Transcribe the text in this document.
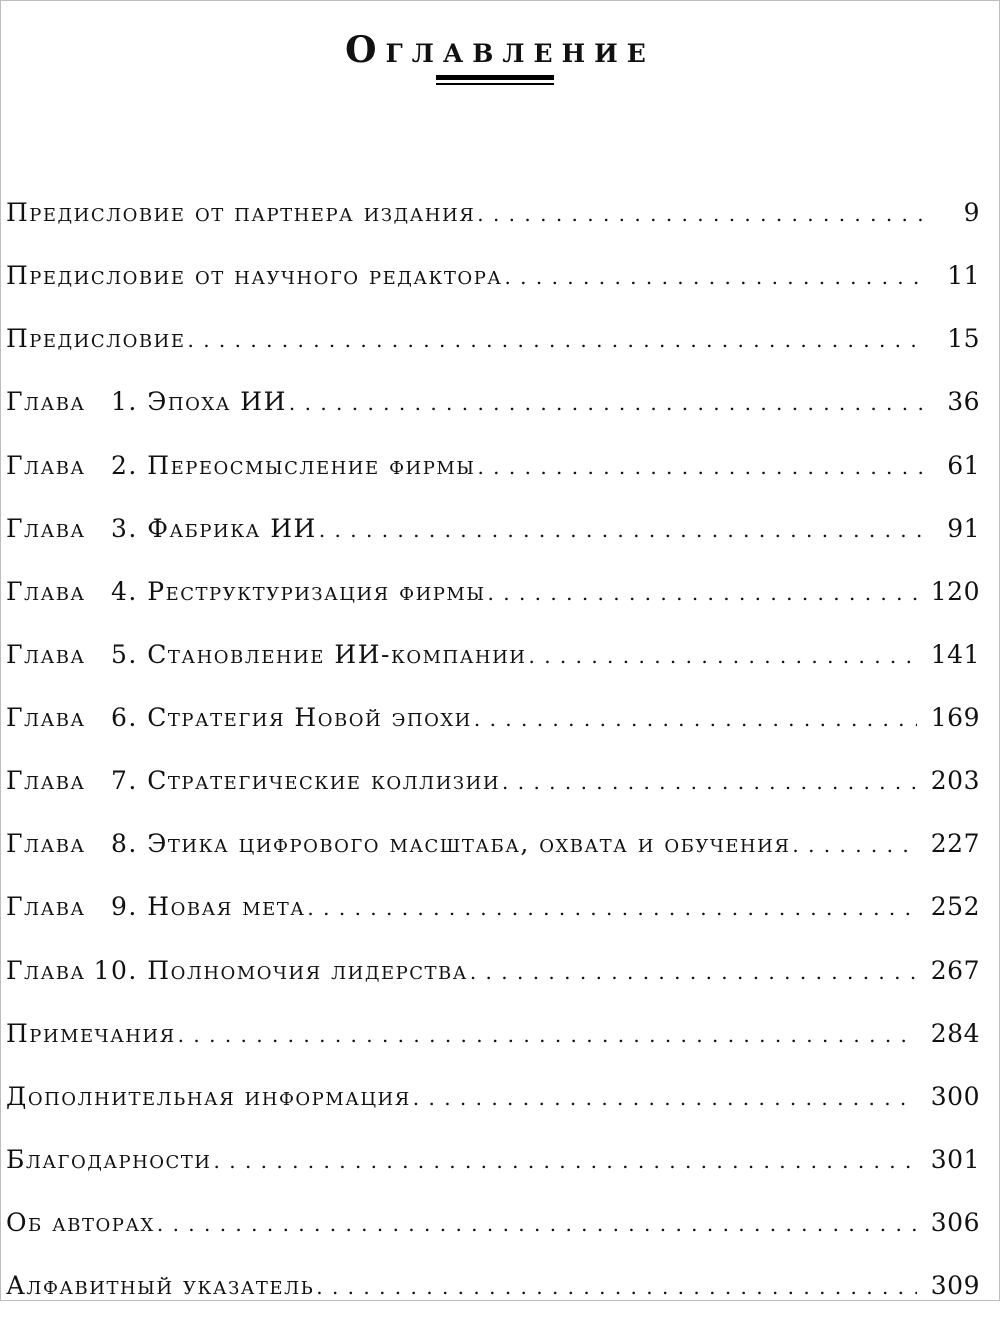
Оглавление
Предисловие от партнера издания . . .	9
Предисловие от научного редактора . . .	11
Предисловие . . .	15
Глава	1. Эпоха ИИ . . .	36
Глава	2. Переосмысление фирмы . . .	61
Глава	3. Фабрика ИИ . . .	91
Глава	4. Реструктуризация фирмы . . .	120
Глава	5. Становление ИИ-компании . . .	141
Глава	6. Стратегия Новой эпохи . . .	169
Глава	7. Стратегические коллизии . . .	203
Глава	8. Этика цифрового масштаба, охвата и обучения . . .	227
Глава	9. Новая мета . . .	252
Глава 10. Полномочия лидерства . . .	267
Примечания . . .	284
Дополнительная информация . . .	300
Благодарности . . .	301
Об авторах . . .	306
Алфавитный указатель . . .	309
